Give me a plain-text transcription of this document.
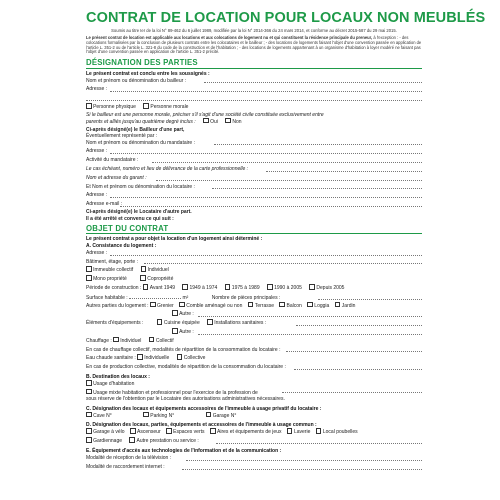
CONTRAT DE LOCATION POUR LOCAUX NON MEUBLÉS
Soumis au titre Ier de la loi N° 89-462 du 6 juillet 1989, modifiée par la loi N° 2014-366 du 24 mars 2014, et conforme au décret 2015-587 du 29 mai 2015.
Le présent contrat de location est applicable aux locations et aux colocations de logement nu et qui constituent la résidence principale du preneur, à l'exception : - des colocations formalisées par la conclusion de plusieurs contrats entre les colocataires et le bailleur ; - des locations de logements faisant l'objet d'une convention passée en application de l'article L. 351-2 ou de l'article L. 321-8 du code de la construction et de l'habitation ; - des locations de logements appartenant à un organisme d'habitation à loyer modéré ne faisant pas l'objet d'une convention passée en application de l'article L. 351-2 précité.
DÉSIGNATION DES PARTIES
Le présent contrat est conclu entre les soussignés :
Nom et prénom ou dénomination du bailleur :
Adresse :
Personne physique	Personne morale
Si le bailleur est une personne morale, préciser s'il s'agit d'une société civile constituée exclusivement entre
parents et alliés jusqu'au quatrième degré inclus :	Oui	Non
Ci-après désigné(e) le Bailleur d'une part,
Éventuellement représenté par :
Nom et prénom ou dénomination du mandataire :
Adresse :
Activité du mandataire :
Le cas échéant, numéro et lieu de délivrance de la carte professionnelle :
Nom et adresse du garant :
Et Nom et prénom ou dénomination du locataire :
Adresse :
Adresse e-mail :
Ci-après désigné(e) le Locataire d'autre part.
Il a été arrêté et convenu ce qui suit :
OBJET DU CONTRAT
Le présent contrat a pour objet la location d'un logement ainsi déterminé :
A. Consistance du logement :
Adresse :
Bâtiment, étage, porte :
Immeuble collectif	Individuel
Mono propriété	Copropriété
Période de construction : Avant 1949	1949 à 1974	1975 à 1989	1990 à 2005	Depuis 2005
Surface habitable :	m²	Nombre de pièces principales :
Autres parties du logement : Grenier Comble aménagé ou non Terrasse Balcon Loggia Jardin
Autre :
Éléments d'équipements :	Cuisine équipée	Installations sanitaires :
Autre :
Chauffage : Individuel	Collectif
En cas de chauffage collectif, modalités de répartition de la consommation du locataire :
Eau chaude sanitaire : Individuelle	Collective
En cas de production collective, modalités de répartition de la consommation du locataire :
B. Destination des locaux :
Usage d'habitation
Usage mixte habitation et professionnel pour l'exercice de la profession de
sous réserve de l'obtention par le Locataire des autorisations administratives nécessaires.
C. Désignation des locaux et équipements accessoires de l'immeuble à usage privatif du locataire :
Cave N°	Parking N°	Garage N°
D. Désignation des locaux, parties, équipements et accessoires de l'immeuble à usage commun :
Garage à vélo Ascenseur Espaces verts Aires et équipements de jeux Laverie Local poubelles
Gardiennage	Autre prestation ou service :
E. Équipement d'accès aux technologies de l'information et de la communication :
Modalité de réception de la télévision :
Modalité de raccordement internet :
